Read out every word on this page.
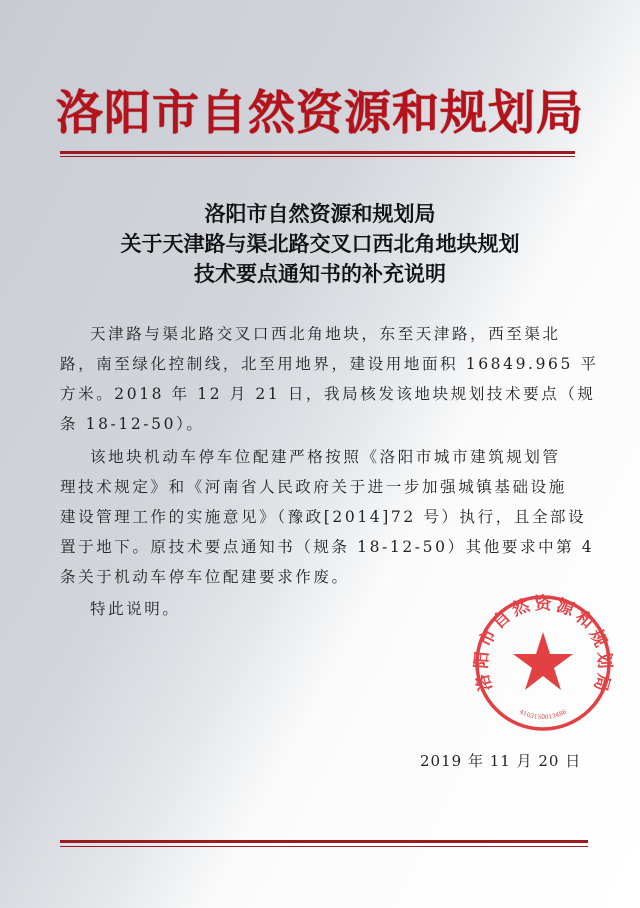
洛阳市自然资源和规划局
洛阳市自然资源和规划局
关于天津路与渠北路交叉口西北角地块规划
技术要点通知书的补充说明
天津路与渠北路交叉口西北角地块，东至天津路，西至渠北
路，南至绿化控制线，北至用地界，建设用地面积 16849.965 平
方米。2018 年 12 月 21 日，我局核发该地块规划技术要点（规
条 18-12-50）。
该地块机动车停车位配建严格按照《洛阳市城市建筑规划管
理技术规定》和《河南省人民政府关于进一步加强城镇基础设施
建设管理工作的实施意见》（豫政[2014]72 号）执行，且全部设
置于地下。原技术要点通知书（规条 18-12-50）其他要求中第 4
条关于机动车停车位配建要求作废。
特此说明。
洛阳市自然资源和规划局
4103150013486
2019 年 11 月 20 日
